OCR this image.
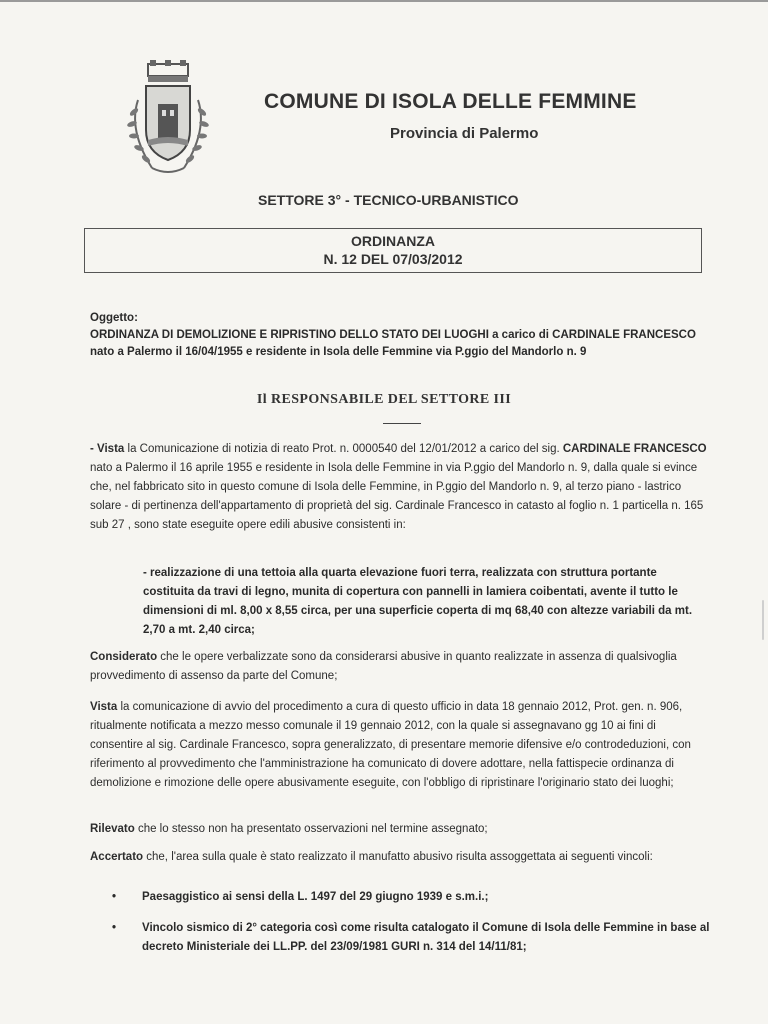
COMUNE DI ISOLA DELLE FEMMINE
Provincia di Palermo
SETTORE 3° - TECNICO-URBANISTICO
ORDINANZA
N. 12 DEL 07/03/2012
Oggetto:
ORDINANZA DI DEMOLIZIONE E RIPRISTINO DELLO STATO DEI LUOGHI a carico di CARDINALE FRANCESCO nato a Palermo il 16/04/1955 e residente in Isola delle Femmine via P.ggio del Mandorlo n. 9
Il RESPONSABILE DEL SETTORE III
- Vista la Comunicazione di notizia di reato Prot. n. 0000540 del 12/01/2012 a carico del sig. CARDINALE FRANCESCO nato a Palermo il 16 aprile 1955 e residente in Isola delle Femmine in via P.ggio del Mandorlo n. 9, dalla quale si evince che, nel fabbricato sito in questo comune di Isola delle Femmine, in P.ggio del Mandorlo n. 9, al terzo piano - lastrico solare - di pertinenza dell'appartamento di proprietà del sig. Cardinale Francesco in catasto al foglio n. 1 particella n. 165 sub 27 , sono state eseguite opere edili abusive consistenti in:
- realizzazione di una tettoia alla quarta elevazione fuori terra, realizzata con struttura portante costituita da travi di legno, munita di copertura con pannelli in lamiera coibentati, avente il tutto le dimensioni di ml. 8,00 x 8,55 circa, per una superficie coperta di mq 68,40 con altezze variabili da mt. 2,70 a mt. 2,40 circa;
Considerato che le opere verbalizzate sono da considerarsi abusive in quanto realizzate in assenza di qualsivoglia provvedimento di assenso da parte del Comune;
Vista la comunicazione di avvio del procedimento a cura di questo ufficio in data 18 gennaio 2012, Prot. gen. n. 906, ritualmente notificata a mezzo messo comunale il 19 gennaio 2012, con la quale si assegnavano gg 10 ai fini di consentire al sig. Cardinale Francesco, sopra generalizzato, di presentare memorie difensive e/o controdeduzioni, con riferimento al provvedimento che l'amministrazione ha comunicato di dovere adottare, nella fattispecie ordinanza di demolizione e rimozione delle opere abusivamente eseguite, con l'obbligo di ripristinare l'originario stato dei luoghi;
Rilevato che lo stesso non ha presentato osservazioni nel termine assegnato;
Accertato che, l'area sulla quale è stato realizzato il manufatto abusivo risulta assoggettata ai seguenti vincoli:
•	Paesaggistico ai sensi della L. 1497 del 29 giugno 1939 e s.m.i.;
•	Vincolo sismico di 2° categoria così come risulta catalogato il Comune di Isola delle Femmine in base al decreto Ministeriale dei LL.PP. del 23/09/1981 GURI n. 314 del 14/11/81;
